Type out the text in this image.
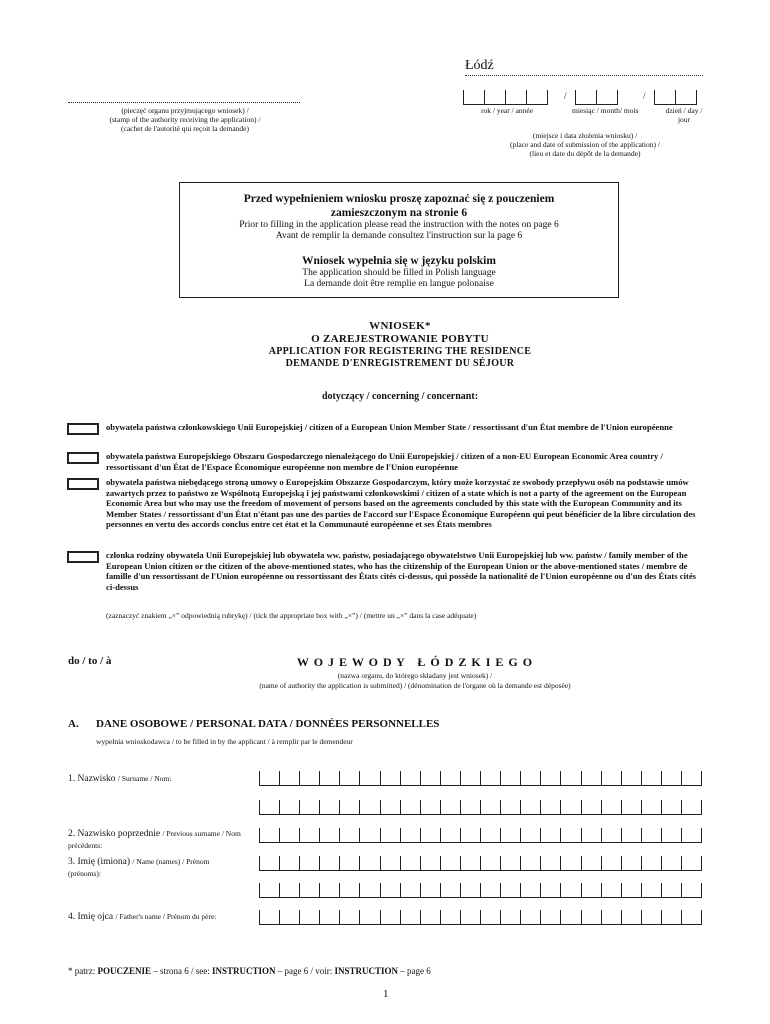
Łódź
(pieczęć organu przyjmującego wniosek) /
(stamp of the authority receiving the application) /
(cachet de l'autorité qui reçoit la demande)
/	/
rok / year / année	miesiąc / month/ mois	dzień / day / jour
(miejsce i data złożenia wniosku) /
(place and date of submission of the application) /
(lieu et date du dépôt de la demande)
Przed wypełnieniem wniosku proszę zapoznać się z pouczeniem zamieszczonym na stronie 6
Prior to filling in the application please read the instruction with the notes on page 6
Avant de remplir la demande consultez l'instruction sur la page 6
Wniosek wypełnia się w języku polskim
The application should be filled in Polish language
La demande doit être remplie en langue polonaise
WNIOSEK*
O ZAREJESTROWANIE POBYTU
APPLICATION FOR REGISTERING THE RESIDENCE
DEMANDE D'ENREGISTREMENT DU SÉJOUR
dotyczący / concerning / concernant:
obywatela państwa członkowskiego Unii Europejskiej / citizen of a European Union Member State / ressortissant d'un État membre de l'Union européenne
obywatela państwa Europejskiego Obszaru Gospodarczego nienależącego do Unii Europejskiej / citizen of a non-EU European Economic Area country / ressortissant d'un État de l'Espace Économique européenne non membre de l'Union européenne
obywatela państwa niebędącego stroną umowy o Europejskim Obszarze Gospodarczym, który może korzystać ze swobody przepływu osób na podstawie umów zawartych przez to państwo ze Wspólnotą Europejską i jej państwami członkowskimi / citizen of a state which is not a party of the agreement on the European Economic Area but who may use the freedom of movement of persons based on the agreements concluded by this state with the European Community and its Member States / ressortissant d'un État n'étant pas une des parties de l'accord sur l'Espace Économique Européenn qui peut bénéficier de la libre circulation des personnes en vertu des accords conclus entre cet état et la Communauté européenne et ses États membres
członka rodziny obywatela Unii Europejskiej lub obywatela ww. państw, posiadającego obywatelstwo Unii Europejskiej lub ww. państw / family member of the European Union citizen or the citizen of the above-mentioned states, who has the citizenship of the European Union or the above-mentioned states / membre de famille d'un ressortissant de l'Union européenne ou ressortissant des États cités ci-dessus, qui possède la nationalité de l'Union européenne ou d'un des États cités ci-dessus
(zaznaczyć znakiem „×” odpowiednią rubrykę) / (tick the appropriate box with „×”) / (mettre un „×” dans la case adéquate)
do / to / à	W O J E W O D Y   Ł Ó D Z K I E G O
(nazwa organu, do którego składany jest wniosek) /
(name of authority the application is submitted) / (dénomination de l'organe où la demande est déposée)
A. DANE OSOBOWE / PERSONAL DATA / DONNÉES PERSONNELLES
wypełnia wnioskodawca / to be filled in by the applicant / à remplir par le demendeur
1. Nazwisko / Surname / Nom:
2. Nazwisko poprzednie / Previous surname / Nom précédents:
3. Imię (imiona) / Name (names) / Prénom (prénoms):
4. Imię ojca / Father's name / Prénom du père:
* patrz: POUCZENIE – strona 6 / see: INSTRUCTION – page 6 / voir: INSTRUCTION – page 6
1
